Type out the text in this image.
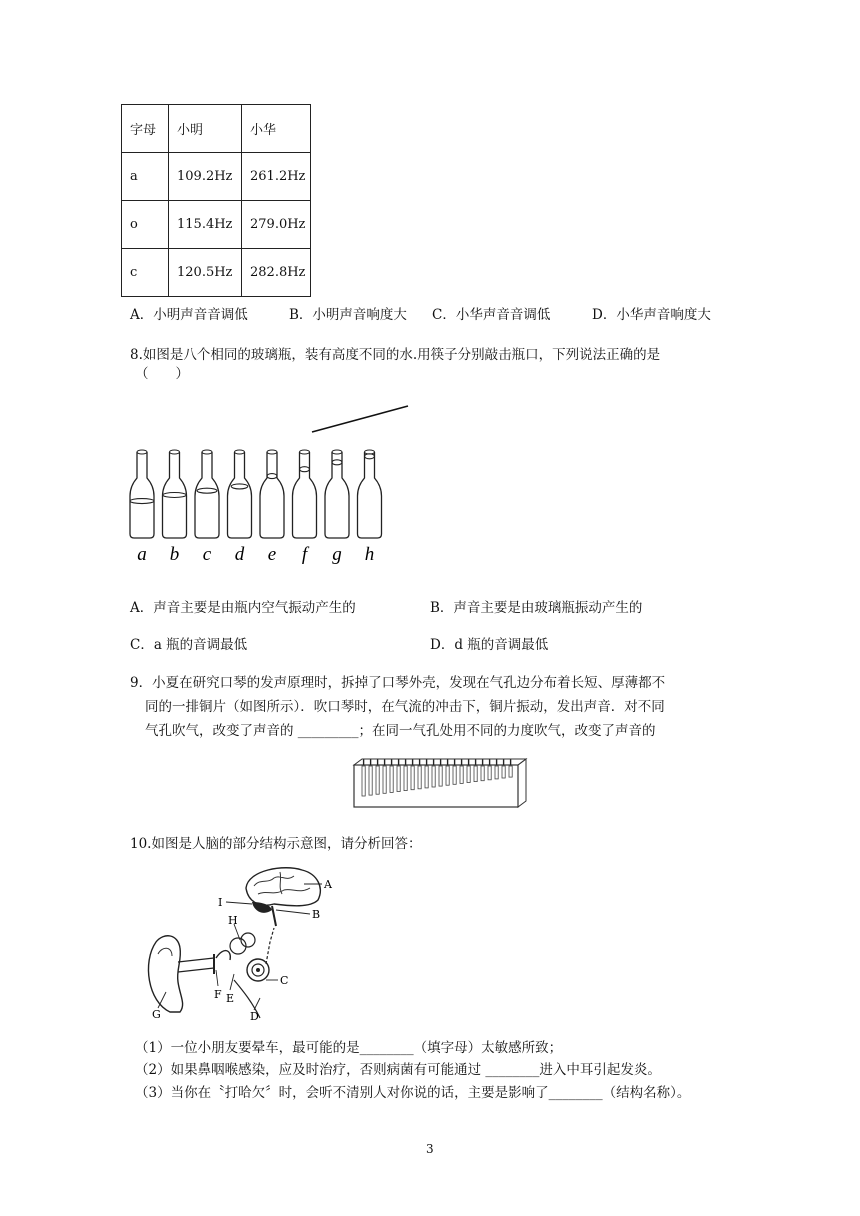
字母	小明	小华
a	109.2Hz	261.2Hz
o	115.4Hz	279.0Hz
c	120.5Hz	282.8Hz
A．小明声音音调低	B．小明声音响度大 C．小华声音音调低	D．小华声音响度大
8.如图是八个相同的玻璃瓶，装有高度不同的水.用筷子分别敲击瓶口，下列说法正确的是
（　　）
a b c d e f g h
A．声音主要是由瓶内空气振动产生的	B．声音主要是由玻璃瓶振动产生的
C．a 瓶的音调最低	D．d 瓶的音调最低
9．小夏在研究口琴的发声原理时，拆掉了口琴外壳，发现在气孔边分布着长短、厚薄都不
同的一排铜片（如图所示）．吹口琴时，在气流的冲击下，铜片振动，发出声音．对不同
气孔吹气，改变了声音的 _________；在同一气孔处用不同的力度吹气，改变了声音的
10.如图是人脑的部分结构示意图，请分析回答：
A
B
C
D
E
F
G
H
I
（1）一位小朋友要晕车，最可能的是________（填字母）太敏感所致；
（2）如果鼻咽喉感染，应及时治疗，否则病菌有可能通过 ________进入中耳引起发炎。
（3）当你在〝打哈欠〞时，会听不清别人对你说的话，主要是影响了________（结构名称）。
3
